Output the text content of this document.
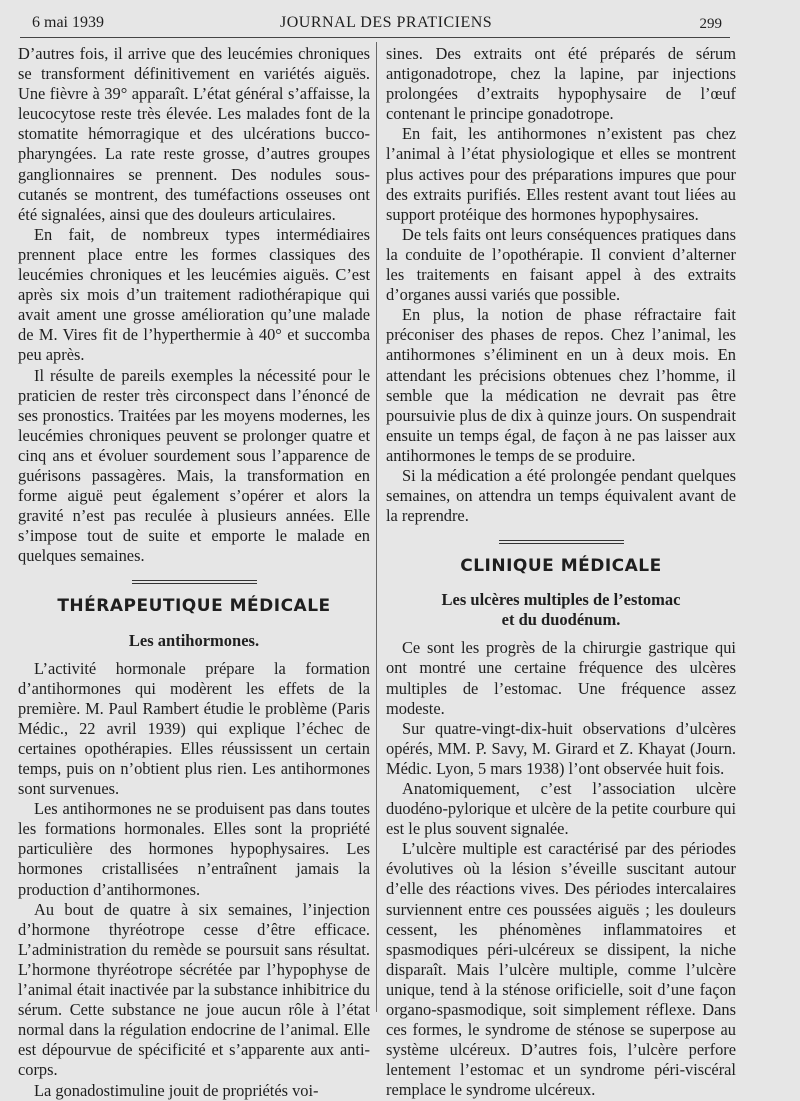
6 mai 1939	JOURNAL DES PRATICIENS	299

D’autres fois, il arrive que des leucémies chroniques se transforment définitivement en variétés aiguës. Une fièvre à 39° apparaît. L’état général s’affaisse, la leucocytose reste très élevée. Les malades font de la stomatite hémorragique et des ulcérations bucco-pharyngées. La rate reste grosse, d’autres groupes ganglionnaires se prennent. Des nodules sous-cutanés se montrent, des tuméfactions osseuses ont été signalées, ainsi que des douleurs articulaires.

En fait, de nombreux types intermédiaires prennent place entre les formes classiques des leucémies chroniques et les leucémies aiguës. C’est après six mois d’un traitement radiothérapique qui avait ament une grosse amélioration qu’une malade de M. Vires fit de l’hyperthermie à 40° et succomba peu après.

Il résulte de pareils exemples la nécessité pour le praticien de rester très circonspect dans l’énoncé de ses pronostics. Traitées par les moyens modernes, les leucémies chroniques peuvent se prolonger quatre et cinq ans et évoluer sourdement sous l’apparence de guérisons passagères. Mais, la transformation en forme aiguë peut également s’opérer et alors la gravité n’est pas reculée à plusieurs années. Elle s’impose tout de suite et emporte le malade en quelques semaines.

THÉRAPEUTIQUE MÉDICALE
Les antihormones.

L’activité hormonale prépare la formation d’antihormones qui modèrent les effets de la première. M. Paul Rambert étudie le problème (Paris Médic., 22 avril 1939) qui explique l’échec de certaines opothérapies. Elles réussissent un certain temps, puis on n’obtient plus rien. Les antihormones sont survenues.

Les antihormones ne se produisent pas dans toutes les formations hormonales. Elles sont la propriété particulière des hormones hypophysaires. Les hormones cristallisées n’entraînent jamais la production d’antihormones.

Au bout de quatre à six semaines, l’injection d’hormone thyréotrope cesse d’être efficace. L’administration du remède se poursuit sans résultat. L’hormone thyréotrope sécrétée par l’hypophyse de l’animal était inactivée par la substance inhibitrice du sérum. Cette substance ne joue aucun rôle à l’état normal dans la régulation endocrine de l’animal. Elle est dépourvue de spécificité et s’apparente aux anti-corps.

La gonadostimuline jouit de propriétés voi-

sines. Des extraits ont été préparés de sérum antigonadotrope, chez la lapine, par injections prolongées d’extraits hypophysaire de l’œuf contenant le principe gonadotrope.

En fait, les antihormones n’existent pas chez l’animal à l’état physiologique et elles se montrent plus actives pour des préparations impures que pour des extraits purifiés. Elles restent avant tout liées au support protéique des hormones hypophysaires.

De tels faits ont leurs conséquences pratiques dans la conduite de l’opothérapie. Il convient d’alterner les traitements en faisant appel à des extraits d’organes aussi variés que possible.

En plus, la notion de phase réfractaire fait préconiser des phases de repos. Chez l’animal, les antihormones s’éliminent en un à deux mois. En attendant les précisions obtenues chez l’homme, il semble que la médication ne devrait pas être poursuivie plus de dix à quinze jours. On suspendrait ensuite un temps égal, de façon à ne pas laisser aux antihormones le temps de se produire.

Si la médication a été prolongée pendant quelques semaines, on attendra un temps équivalent avant de la reprendre.

CLINIQUE MÉDICALE
Les ulcères multiples de l’estomac
et du duodénum.

Ce sont les progrès de la chirurgie gastrique qui ont montré une certaine fréquence des ulcères multiples de l’estomac. Une fréquence assez modeste.

Sur quatre-vingt-dix-huit observations d’ulcères opérés, MM. P. Savy, M. Girard et Z. Khayat (Journ. Médic. Lyon, 5 mars 1938) l’ont observée huit fois.

Anatomiquement, c’est l’association ulcère duodéno-pylorique et ulcère de la petite courbure qui est le plus souvent signalée.

L’ulcère multiple est caractérisé par des périodes évolutives où la lésion s’éveille suscitant autour d’elle des réactions vives. Des périodes intercalaires surviennent entre ces poussées aiguës ; les douleurs cessent, les phénomènes inflammatoires et spasmodiques péri-ulcéreux se dissipent, la niche disparaît. Mais l’ulcère multiple, comme l’ulcère unique, tend à la sténose orificielle, soit d’une façon organo-spasmodique, soit simplement réflexe. Dans ces formes, le syndrome de sténose se superpose au système ulcéreux. D’autres fois, l’ulcère perfore lentement l’estomac et un syndrome péri-viscéral remplace le syndrome ulcéreux.
